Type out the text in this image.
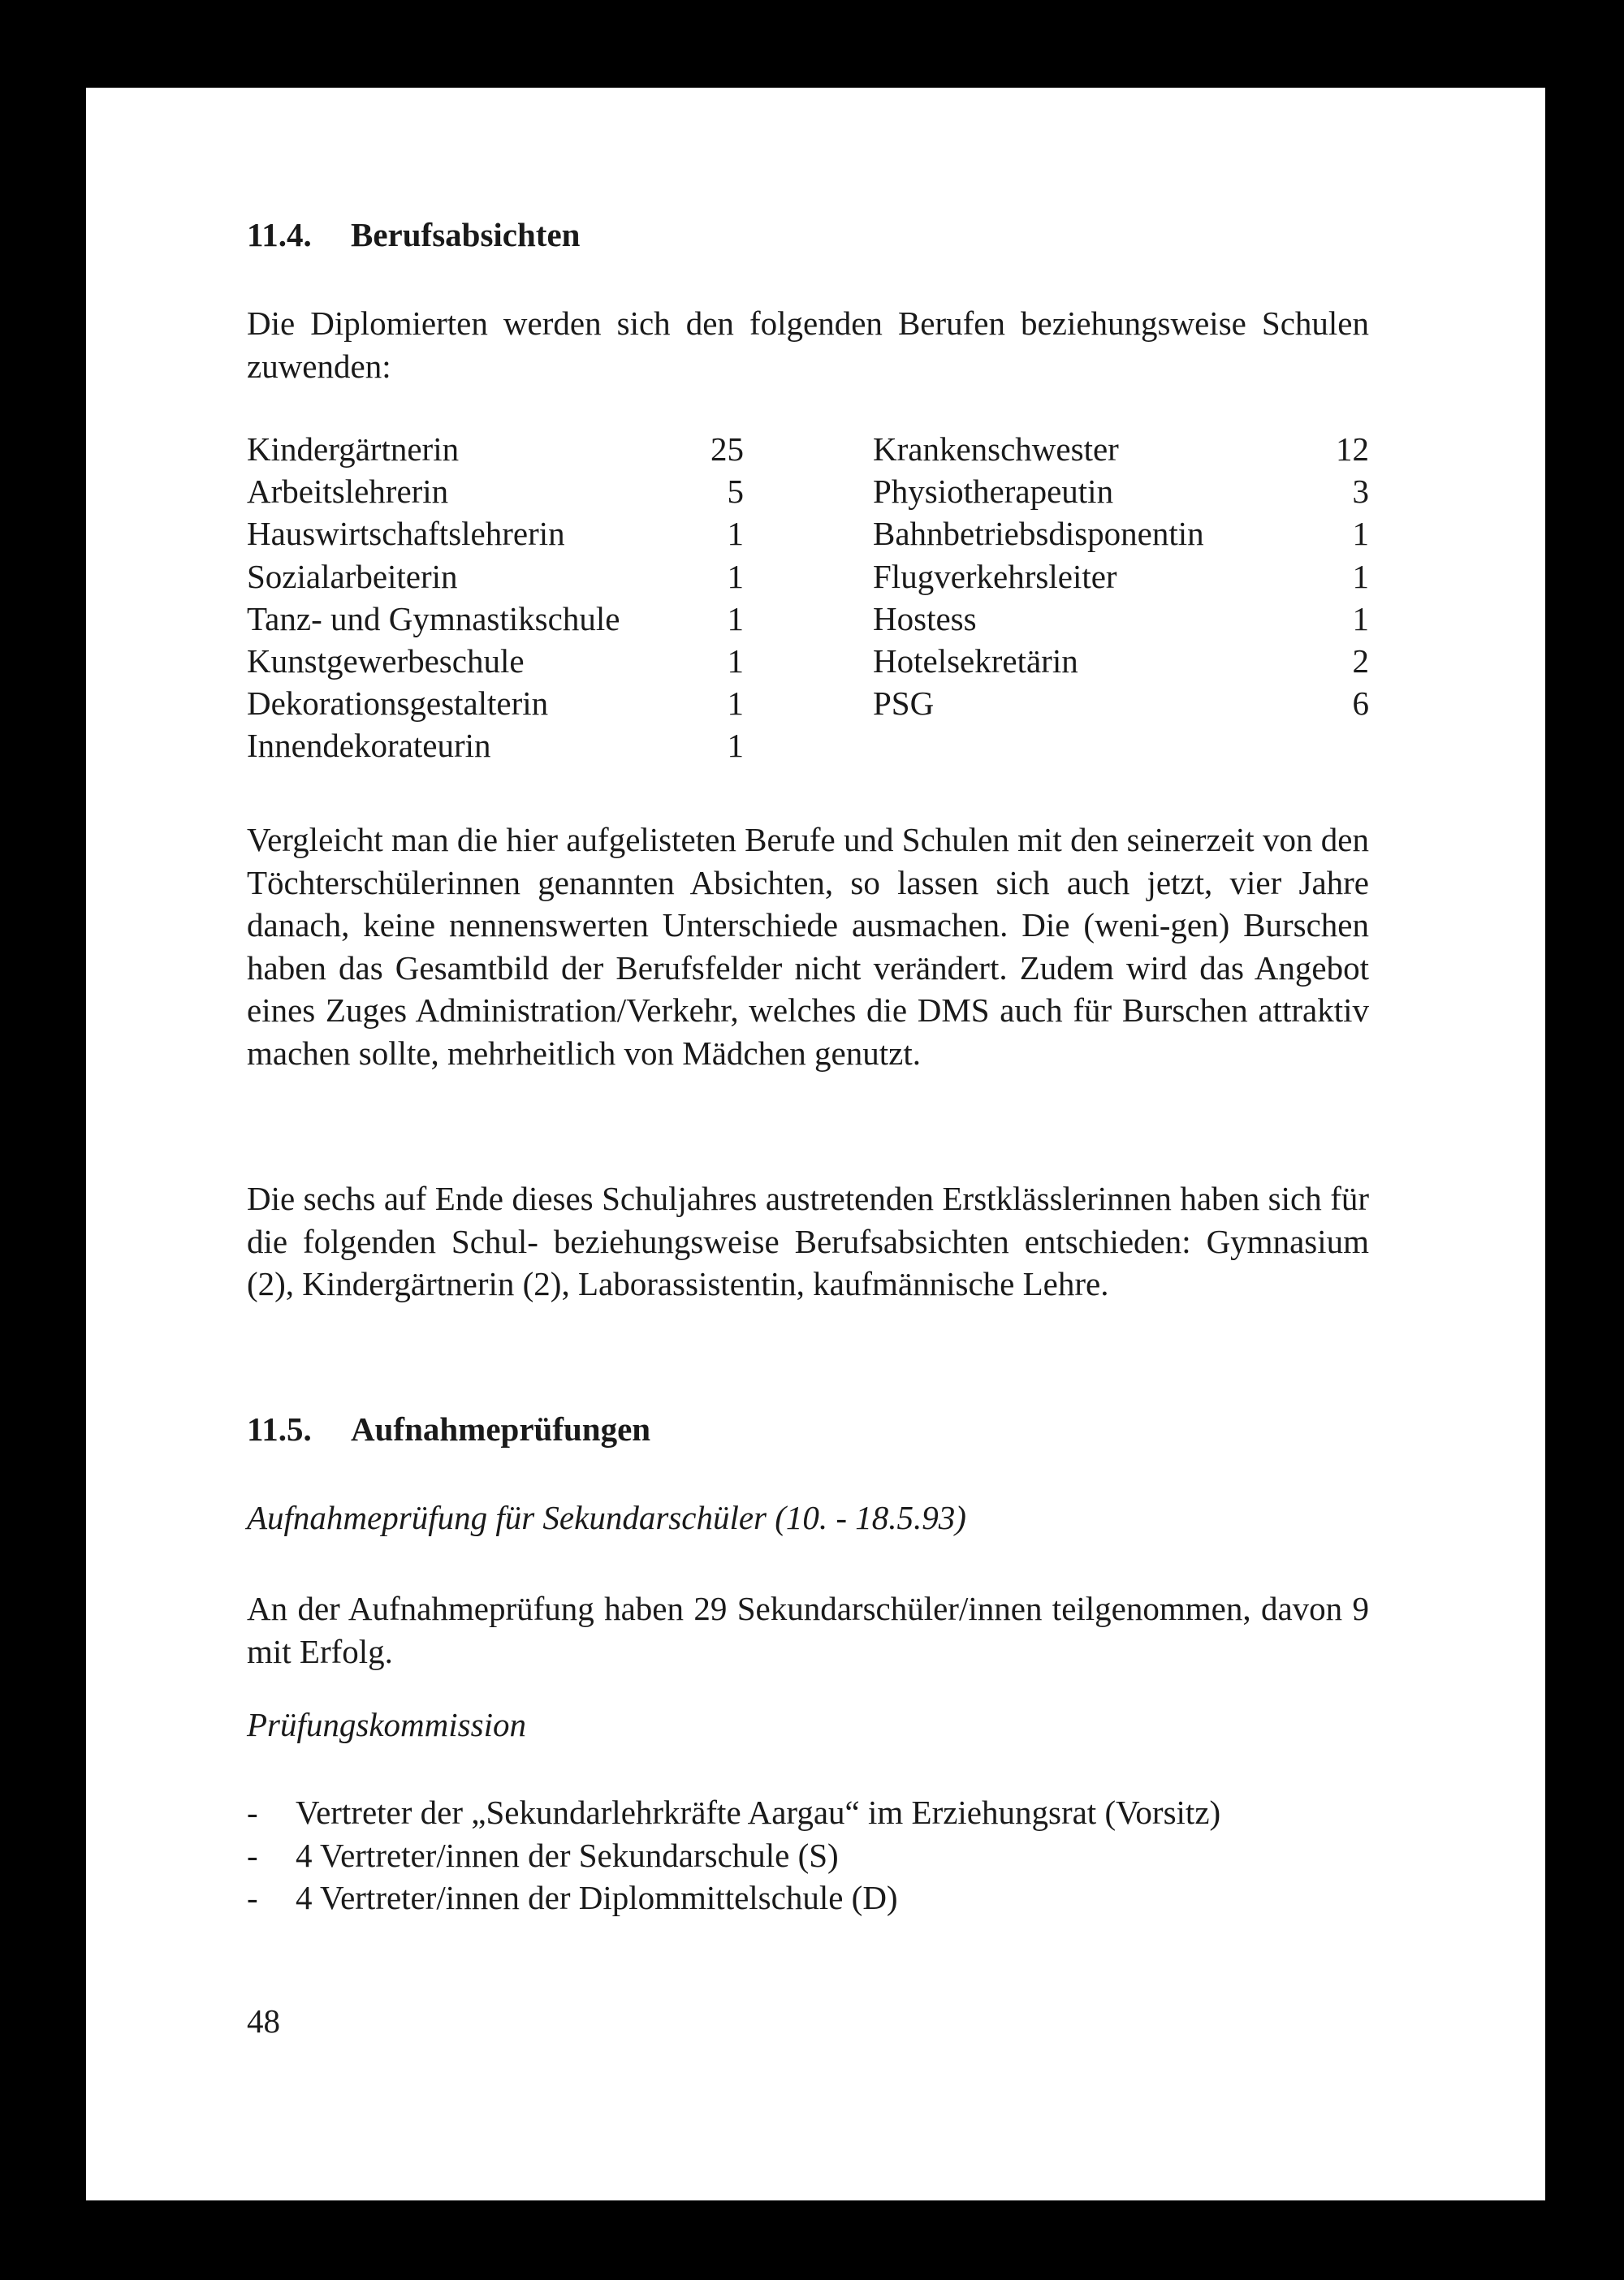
11.4. Berufsabsichten
Die Diplomierten werden sich den folgenden Berufen beziehungsweise Schulen zuwenden:
Kindergärtnerin	25
Arbeitslehrerin	5
Hauswirtschaftslehrerin	1
Sozialarbeiterin	1
Tanz- und Gymnastikschule	1
Kunstgewerbeschule	1
Dekorationsgestalterin	1
Innendekorateurin	1
Krankenschwester	12
Physiotherapeutin	3
Bahnbetriebsdisponentin	1
Flugverkehrsleiter	1
Hostess	1
Hotelsekretärin	2
PSG	6
Vergleicht man die hier aufgelisteten Berufe und Schulen mit den seinerzeit von den Töchterschülerinnen genannten Absichten, so lassen sich auch jetzt, vier Jahre danach, keine nennenswerten Unterschiede ausmachen. Die (weni-gen) Burschen haben das Gesamtbild der Berufsfelder nicht verändert. Zudem wird das Angebot eines Zuges Administration/Verkehr, welches die DMS auch für Burschen attraktiv machen sollte, mehrheitlich von Mädchen genutzt.
Die sechs auf Ende dieses Schuljahres austretenden Erstklässlerinnen haben sich für die folgenden Schul- beziehungsweise Berufsabsichten entschieden: Gymnasium (2), Kindergärtnerin (2), Laborassistentin, kaufmännische Lehre.
11.5. Aufnahmeprüfungen
Aufnahmeprüfung für Sekundarschüler (10. - 18.5.93)
An der Aufnahmeprüfung haben 29 Sekundarschüler/innen teilgenommen, davon 9 mit Erfolg.
Prüfungskommission
- Vertreter der „Sekundarlehrkräfte Aargau“ im Erziehungsrat (Vorsitz)
- 4 Vertreter/innen der Sekundarschule (S)
- 4 Vertreter/innen der Diplommittelschule (D)
48
